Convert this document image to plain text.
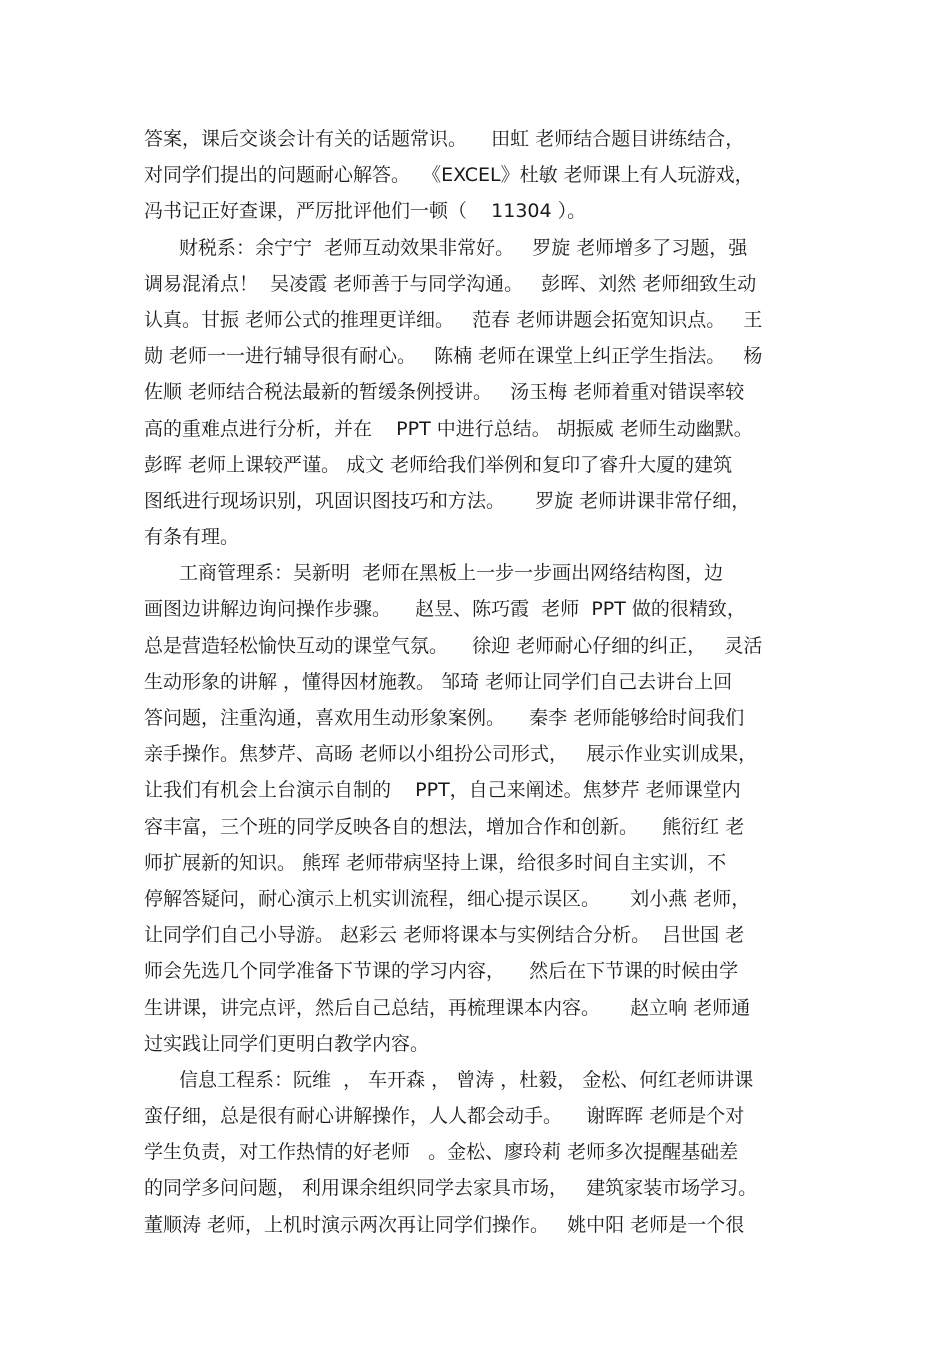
答案，课后交谈会计有关的话题常识。    田虹 老师结合题目讲练结合，
对同学们提出的问题耐心解答。  《EXCEL》杜敏 老师课上有人玩游戏，
冯书记正好查课，严厉批评他们一顿（    11304 ）。
财税系：余宁宁  老师互动效果非常好。   罗旋 老师增多了习题，强
调易混淆点！  吴凌霞 老师善于与同学沟通。   彭晖、刘然 老师细致生动
认真。甘振 老师公式的推理更详细。   范春 老师讲题会拓宽知识点。   王
勋 老师一一进行辅导很有耐心。   陈楠 老师在课堂上纠正学生指法。   杨
佐顺 老师结合税法最新的暂缓条例授讲。   汤玉梅 老师着重对错误率较
高的重难点进行分析，并在    PPT 中进行总结。 胡振威 老师生动幽默。
彭晖 老师上课较严谨。 成文 老师给我们举例和复印了睿升大厦的建筑
图纸进行现场识别，巩固识图技巧和方法。     罗旋 老师讲课非常仔细，
有条有理。
工商管理系：吴新明  老师在黑板上一步一步画出网络结构图，边
画图边讲解边询问操作步骤。    赵昱、陈巧霞  老师  PPT 做的很精致，
总是营造轻松愉快互动的课堂气氛。    徐迎 老师耐心仔细的纠正，   灵活
生动形象的讲解 ，懂得因材施教。 邹琦 老师让同学们自己去讲台上回
答问题，注重沟通，喜欢用生动形象案例。    秦李 老师能够给时间我们
亲手操作。焦梦芹、高旸 老师以小组扮公司形式，   展示作业实训成果，
让我们有机会上台演示自制的    PPT，自己来阐述。焦梦芹 老师课堂内
容丰富，三个班的同学反映各自的想法，增加合作和创新。    熊衍红 老
师扩展新的知识。 熊珲 老师带病坚持上课，给很多时间自主实训，不
停解答疑问，耐心演示上机实训流程，细心提示误区。     刘小燕 老师，
让同学们自己小导游。 赵彩云 老师将课本与实例结合分析。  吕世国 老
师会先选几个同学准备下节课的学习内容，    然后在下节课的时候由学
生讲课，讲完点评，然后自己总结，再梳理课本内容。     赵立响 老师通
过实践让同学们更明白教学内容。
信息工程系：阮维  ， 车开森 ， 曾涛 ，杜毅， 金松、何红老师讲课
蛮仔细，总是很有耐心讲解操作，人人都会动手。    谢晖晖 老师是个对
学生负责，对工作热情的好老师   。金松、廖玲莉 老师多次提醒基础差
的同学多问问题， 利用课余组织同学去家具市场，   建筑家装市场学习。
董顺涛 老师，上机时演示两次再让同学们操作。   姚中阳 老师是一个很
